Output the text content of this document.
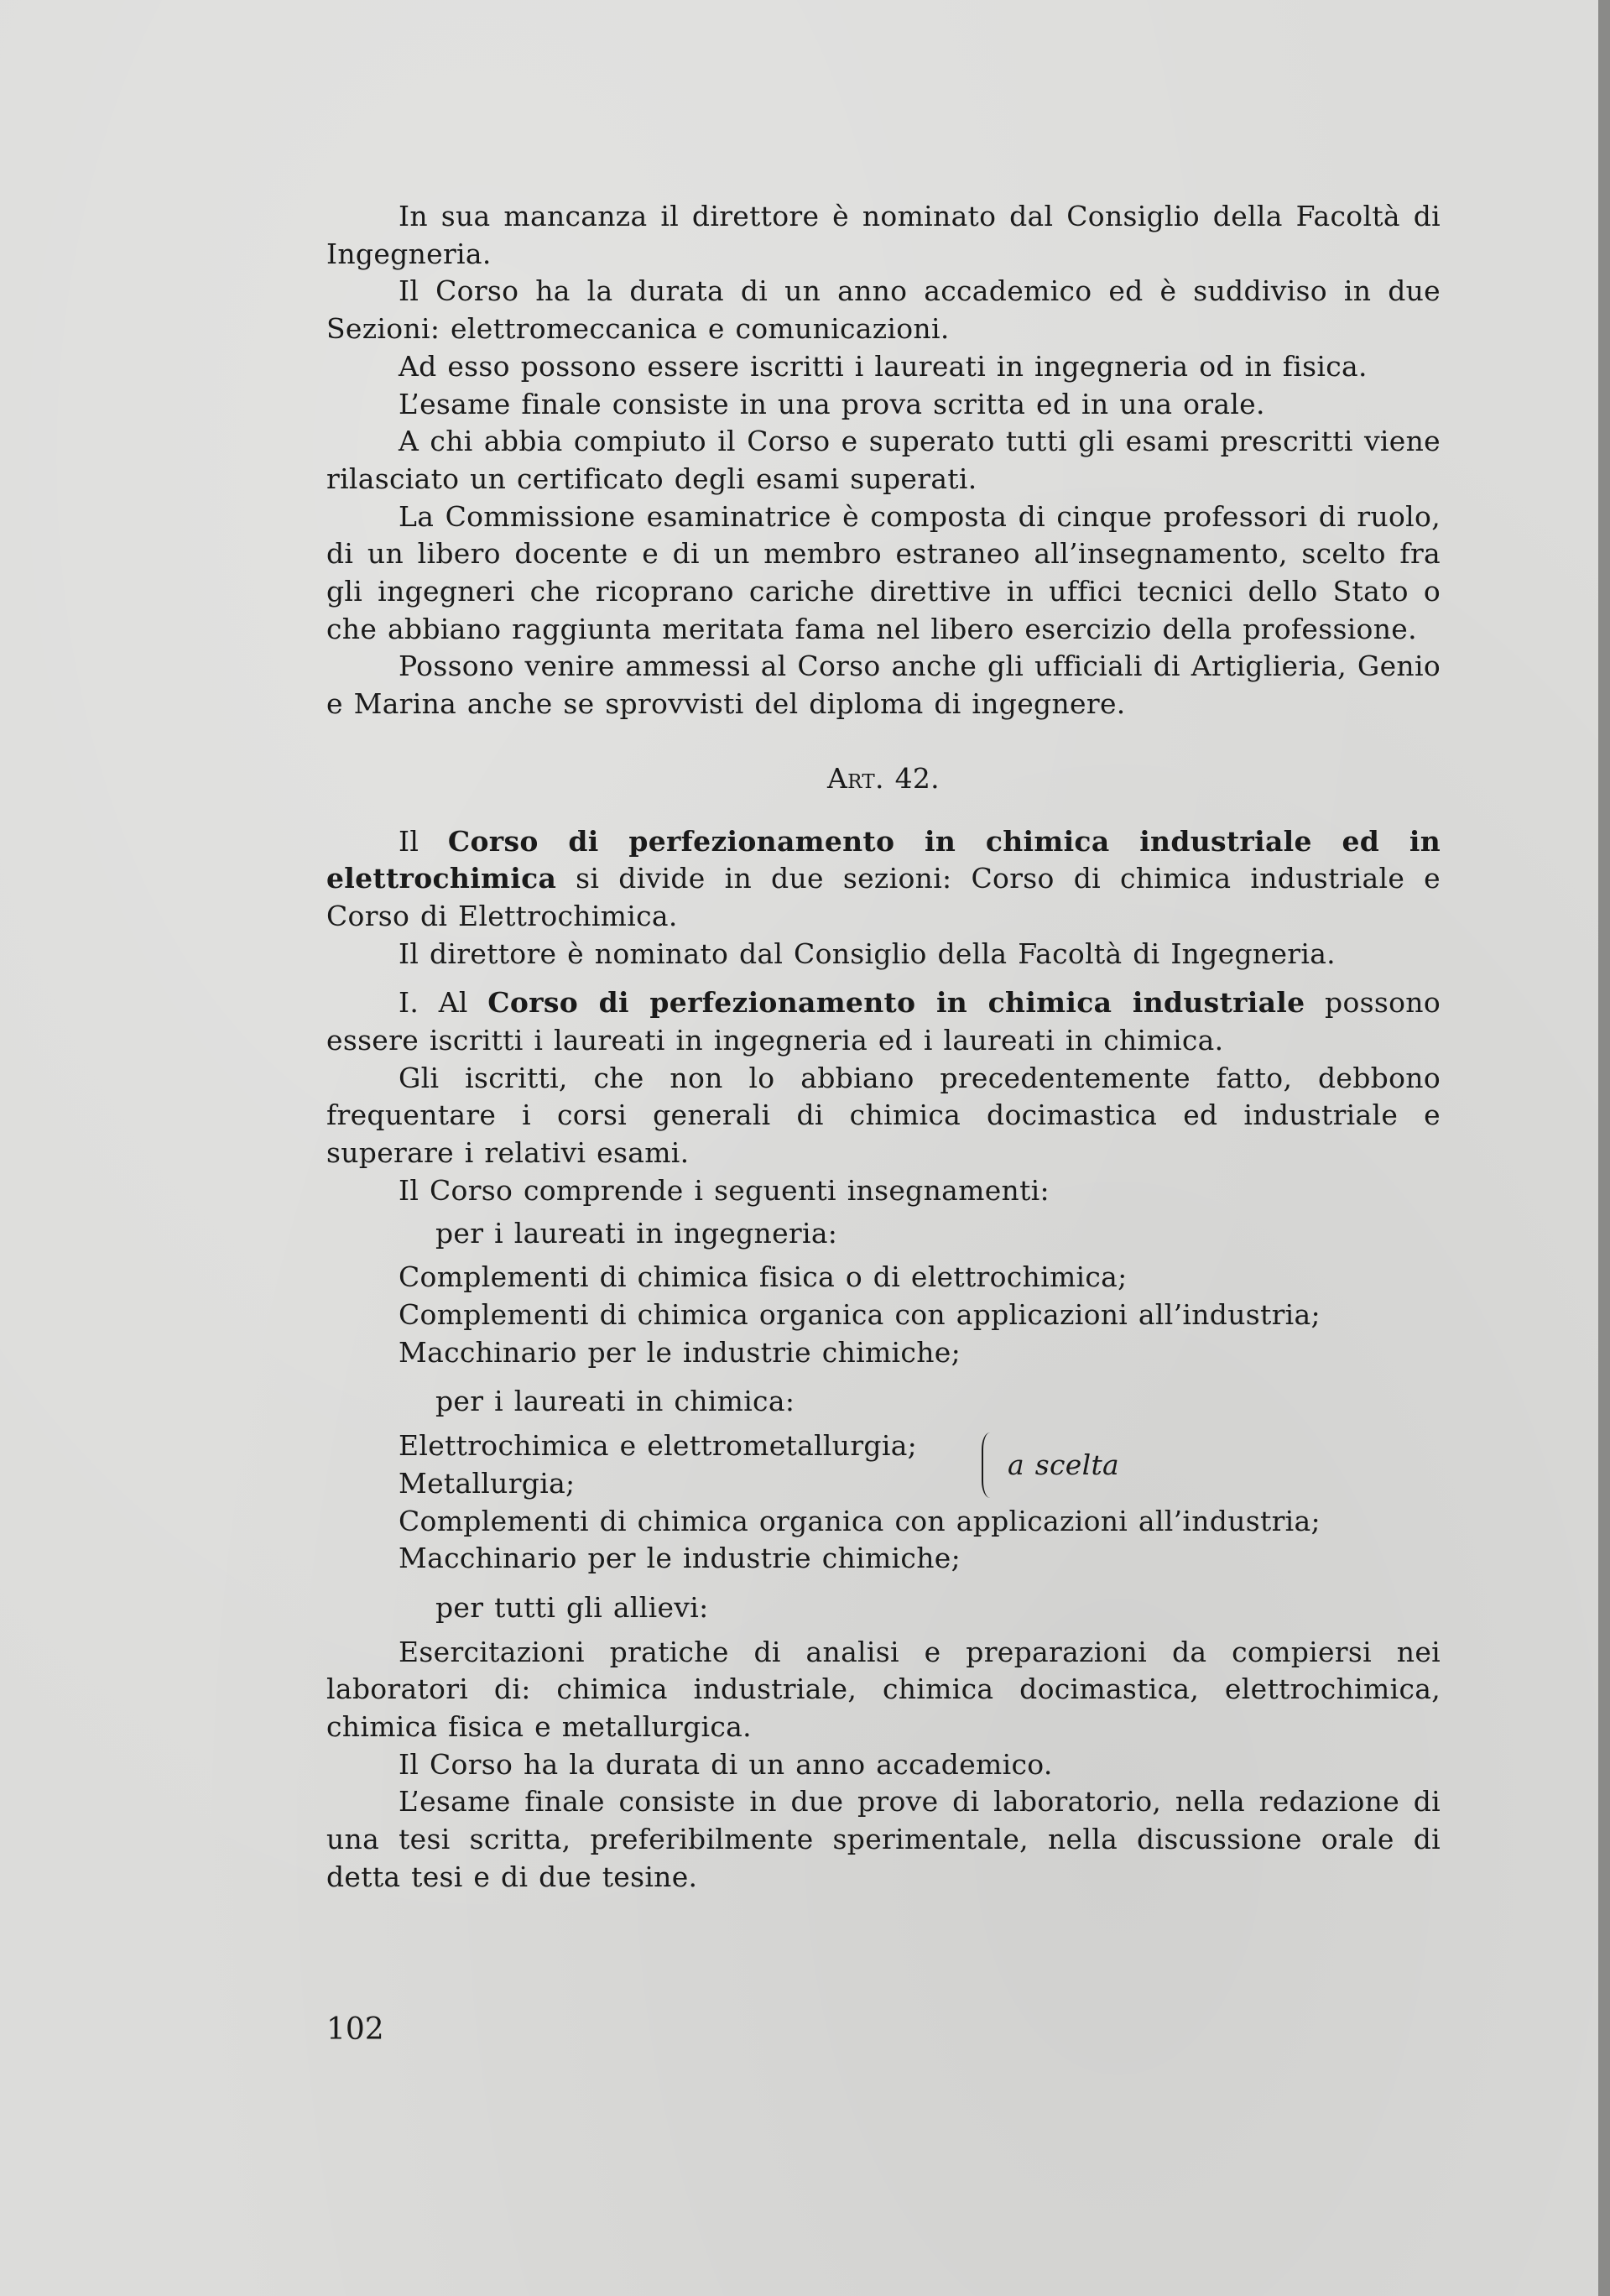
In sua mancanza il direttore è nominato dal Consiglio della Facoltà di Ingegneria.

Il Corso ha la durata di un anno accademico ed è suddiviso in due Sezioni: elettromeccanica e comunicazioni.

Ad esso possono essere iscritti i laureati in ingegneria od in fisica.

L’esame finale consiste in una prova scritta ed in una orale.

A chi abbia compiuto il Corso e superato tutti gli esami prescritti viene rilasciato un certificato degli esami superati.

La Commissione esaminatrice è composta di cinque professori di ruolo, di un libero docente e di un membro estraneo all’insegnamento, scelto fra gli ingegneri che ricoprano cariche direttive in uffici tecnici dello Stato o che abbiano raggiunta meritata fama nel libero esercizio della professione.

Possono venire ammessi al Corso anche gli ufficiali di Artiglieria, Genio e Marina anche se sprovvisti del diploma di ingegnere.

Art. 42.

Il Corso di perfezionamento in chimica industriale ed in elettrochimica si divide in due sezioni: Corso di chimica industriale e Corso di Elettrochimica.

Il direttore è nominato dal Consiglio della Facoltà di Ingegneria.

I. Al Corso di perfezionamento in chimica industriale possono essere iscritti i laureati in ingegneria ed i laureati in chimica.

Gli iscritti, che non lo abbiano precedentemente fatto, debbono frequentare i corsi generali di chimica docimastica ed industriale e superare i relativi esami.

Il Corso comprende i seguenti insegnamenti:

per i laureati in ingegneria:

Complementi di chimica fisica o di elettrochimica;

Complementi di chimica organica con applicazioni all’industria;

Macchinario per le industrie chimiche;

per i laureati in chimica:

Elettrochimica e elettrometallurgia;
Metallurgia;
a scelta

Complementi di chimica organica con applicazioni all’industria;

Macchinario per le industrie chimiche;

per tutti gli allievi:

Esercitazioni pratiche di analisi e preparazioni da compiersi nei laboratori di: chimica industriale, chimica docimastica, elettrochimica, chimica fisica e metallurgica.

Il Corso ha la durata di un anno accademico.

L’esame finale consiste in due prove di laboratorio, nella redazione di una tesi scritta, preferibilmente sperimentale, nella discussione orale di detta tesi e di due tesine.

102
